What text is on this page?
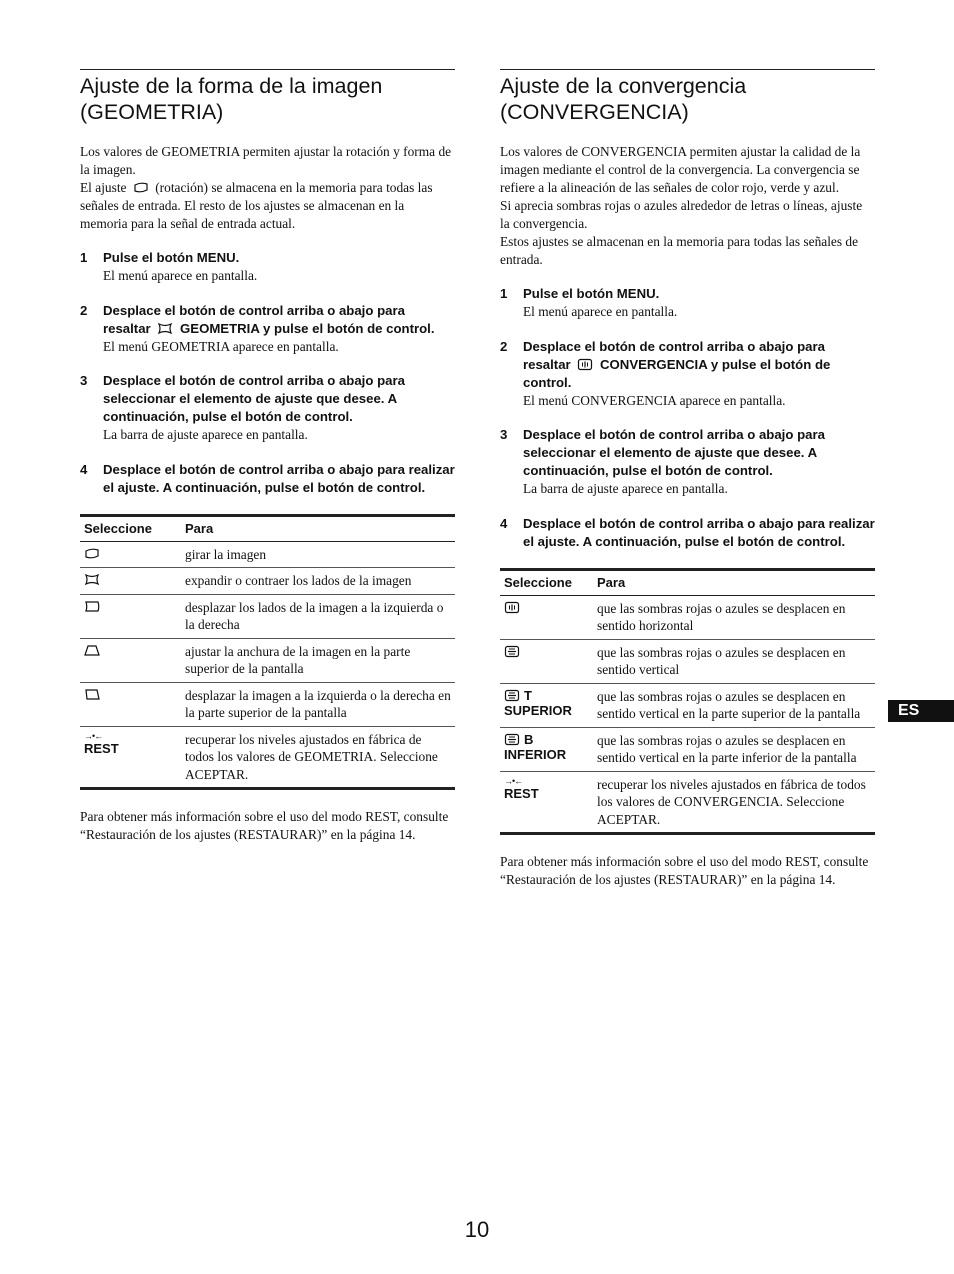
Ajuste de la forma de la imagen
(GEOMETRIA)

Los valores de GEOMETRIA permiten ajustar la rotación y forma de la imagen.

El ajuste (rotación) se almacena en la memoria para todas las señales de entrada. El resto de los ajustes se almacenan en la memoria para la señal de entrada actual.

1	Pulse el botón MENU.
El menú aparece en pantalla.
2	Desplace el botón de control arriba o abajo para resaltar GEOMETRIA y pulse el botón de control.
El menú GEOMETRIA aparece en pantalla.
3	Desplace el botón de control arriba o abajo para seleccionar el elemento de ajuste que desee. A continuación, pulse el botón de control.
La barra de ajuste aparece en pantalla.
4	Desplace el botón de control arriba o abajo para realizar el ajuste. A continuación, pulse el botón de control.
Seleccione	Para
	girar la imagen
	expandir o contraer los lados de la imagen
	desplazar los lados de la imagen a la izquierda o la derecha
	ajustar la anchura de la imagen en la parte superior de la pantalla
	desplazar la imagen a la izquierda o la derecha en la parte superior de la pantalla

→•←
REST	recuperar los niveles ajustados en fábrica de todos los valores de GEOMETRIA. Seleccione ACEPTAR.

Para obtener más información sobre el uso del modo REST, consulte “Restauración de los ajustes (RESTAURAR)” en la página 14.

Ajuste de la convergencia
(CONVERGENCIA)

Los valores de CONVERGENCIA permiten ajustar la calidad de la imagen mediante el control de la convergencia. La convergencia se refiere a la alineación de las señales de color rojo, verde y azul.

Si aprecia sombras rojas o azules alrededor de letras o líneas, ajuste la convergencia.

Estos ajustes se almacenan en la memoria para todas las señales de entrada.

1	Pulse el botón MENU.
El menú aparece en pantalla.
2	Desplace el botón de control arriba o abajo para resaltar CONVERGENCIA y pulse el botón de control.
El menú CONVERGENCIA aparece en pantalla.
3	Desplace el botón de control arriba o abajo para seleccionar el elemento de ajuste que desee. A continuación, pulse el botón de control.
La barra de ajuste aparece en pantalla.
4	Desplace el botón de control arriba o abajo para realizar el ajuste. A continuación, pulse el botón de control.
Seleccione	Para
	que las sombras rojas o azules se desplacen en sentido horizontal
	que las sombras rojas o azules se desplacen en sentido vertical
T
SUPERIOR	que las sombras rojas o azules se desplacen en sentido vertical en la parte superior de la pantalla
B
INFERIOR	que las sombras rojas o azules se desplacen en sentido vertical en la parte inferior de la pantalla

→•←
REST	recuperar los niveles ajustados en fábrica de todos los valores de CONVERGENCIA. Seleccione ACEPTAR.

Para obtener más información sobre el uso del modo REST, consulte “Restauración de los ajustes (RESTAURAR)” en la página 14.

ES
10
